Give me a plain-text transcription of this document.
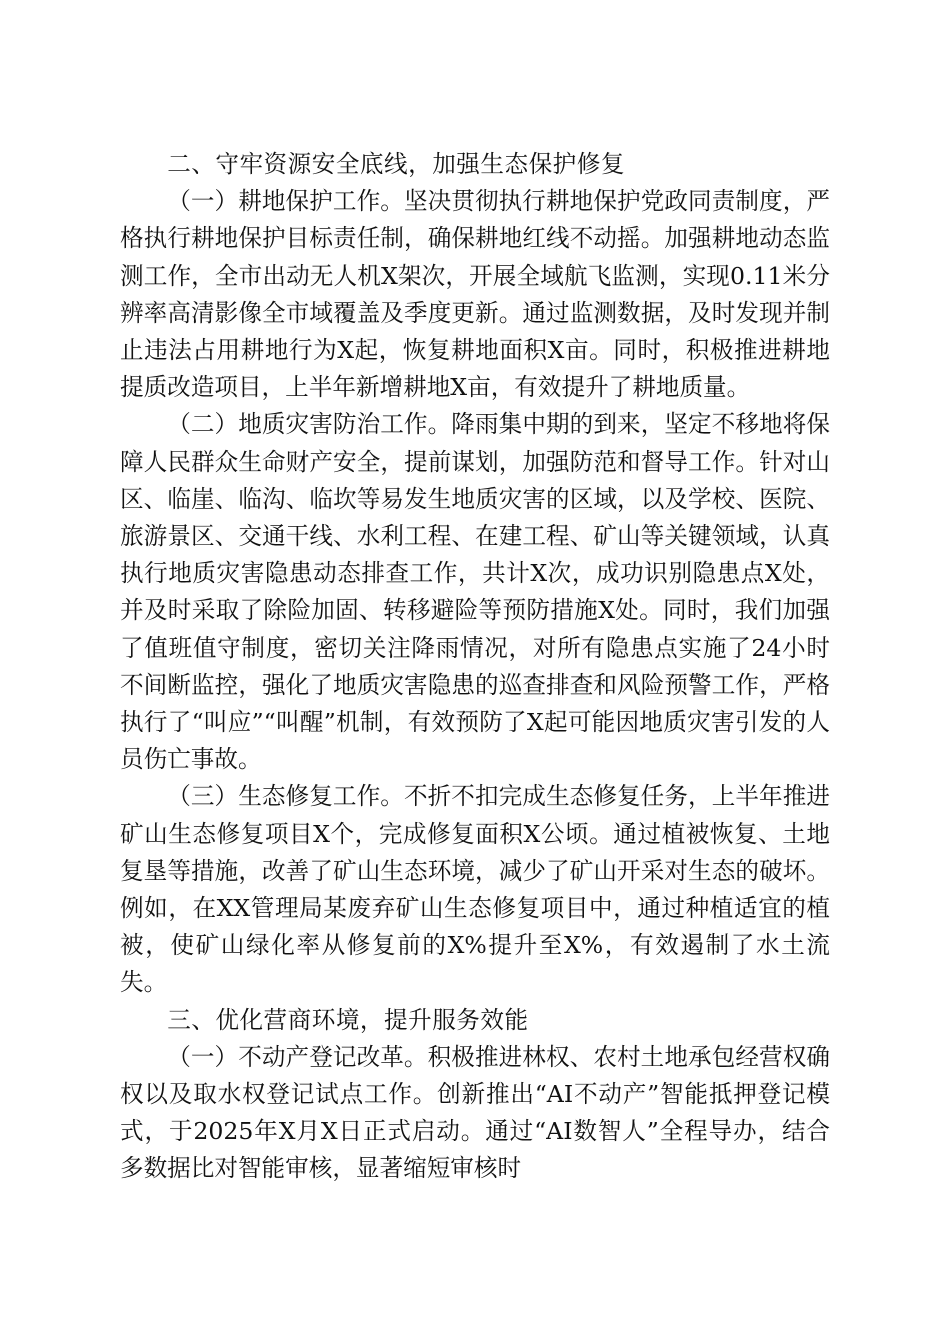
二、守牢资源安全底线，加强生态保护修复

（一）耕地保护工作。坚决贯彻执行耕地保护党政同责制度，严格执行耕地保护目标责任制，确保耕地红线不动摇。加强耕地动态监测工作，全市出动无人机X架次，开展全域航飞监测，实现0.11米分辨率高清影像全市域覆盖及季度更新。通过监测数据，及时发现并制止违法占用耕地行为X起，恢复耕地面积X亩。同时，积极推进耕地提质改造项目，上半年新增耕地X亩，有效提升了耕地质量。

（二）地质灾害防治工作。降雨集中期的到来，坚定不移地将保障人民群众生命财产安全，提前谋划，加强防范和督导工作。针对山区、临崖、临沟、临坎等易发生地质灾害的区域，以及学校、医院、旅游景区、交通干线、水利工程、在建工程、矿山等关键领域，认真执行地质灾害隐患动态排查工作，共计X次，成功识别隐患点X处，并及时采取了除险加固、转移避险等预防措施X处。同时，我们加强了值班值守制度，密切关注降雨情况，对所有隐患点实施了24小时不间断监控，强化了地质灾害隐患的巡查排查和风险预警工作，严格执行了“叫应”“叫醒”机制，有效预防了X起可能因地质灾害引发的人员伤亡事故。

（三）生态修复工作。不折不扣完成生态修复任务，上半年推进矿山生态修复项目X个，完成修复面积X公顷。通过植被恢复、土地复垦等措施，改善了矿山生态环境，减少了矿山开采对生态的破坏。例如，在XX管理局某废弃矿山生态修复项目中，通过种植适宜的植被，使矿山绿化率从修复前的X%提升至X%，有效遏制了水土流失。

三、优化营商环境，提升服务效能

（一）不动产登记改革。积极推进林权、农村土地承包经营权确权以及取水权登记试点工作。创新推出“AI不动产”智能抵押登记模式，于2025年X月X日正式启动。通过“AI数智人”全程导办，结合多数据比对智能审核，显著缩短审核时
